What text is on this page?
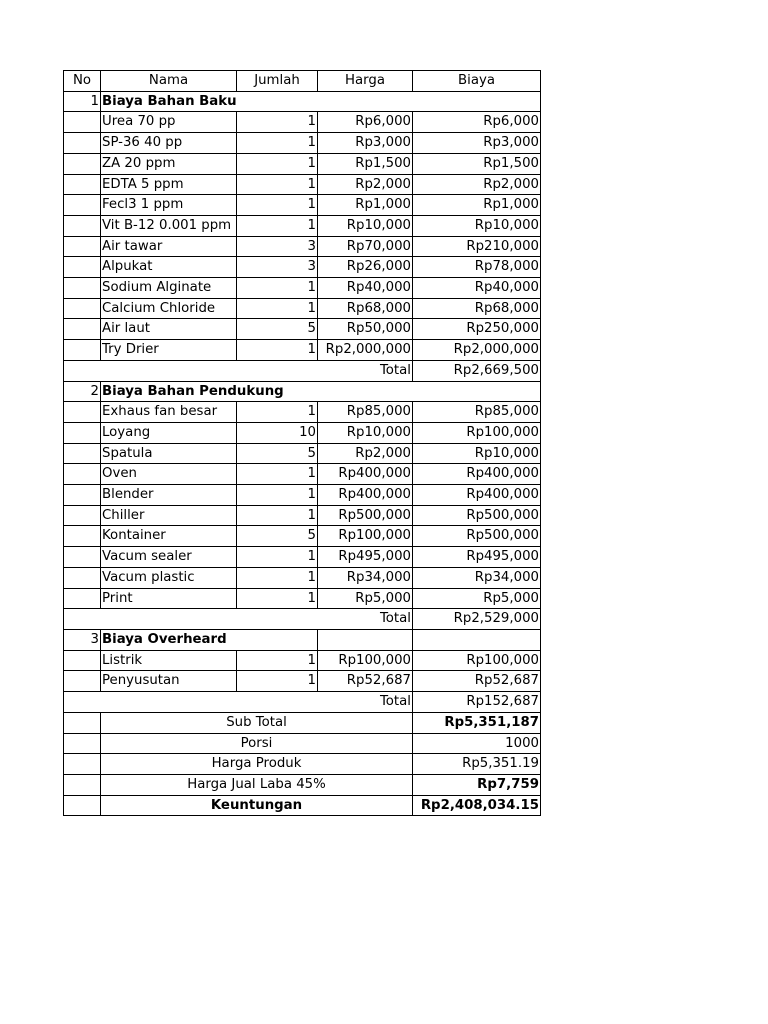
No	Nama	Jumlah	Harga	Biaya
1	Biaya Bahan Baku			
	Urea 70 pp	1	Rp6,000	Rp6,000
	SP-36 40 pp	1	Rp3,000	Rp3,000
	ZA 20 ppm	1	Rp1,500	Rp1,500
	EDTA 5 ppm	1	Rp2,000	Rp2,000
	Fecl3 1 ppm	1	Rp1,000	Rp1,000
	Vit B-12 0.001 ppm	1	Rp10,000	Rp10,000
	Air tawar	3	Rp70,000	Rp210,000
	Alpukat	3	Rp26,000	Rp78,000
	Sodium Alginate	1	Rp40,000	Rp40,000
	Calcium Chloride	1	Rp68,000	Rp68,000
	Air laut	5	Rp50,000	Rp250,000
	Try Drier	1	Rp2,000,000	Rp2,000,000
Total				Rp2,669,500
2	Biaya Bahan Pendukung			
	Exhaus fan besar	1	Rp85,000	Rp85,000
	Loyang	10	Rp10,000	Rp100,000
	Spatula	5	Rp2,000	Rp10,000
	Oven	1	Rp400,000	Rp400,000
	Blender	1	Rp400,000	Rp400,000
	Chiller	1	Rp500,000	Rp500,000
	Kontainer	5	Rp100,000	Rp500,000
	Vacum sealer	1	Rp495,000	Rp495,000
	Vacum plastic	1	Rp34,000	Rp34,000
	Print	1	Rp5,000	Rp5,000
Total				Rp2,529,000
3	Biaya Overheard			
	Listrik	1	Rp100,000	Rp100,000
	Penyusutan	1	Rp52,687	Rp52,687
Total				Rp152,687
	Sub Total			Rp5,351,187
	Porsi			1000
	Harga Produk			Rp5,351.19
	Harga Jual Laba 45%			Rp7,759
	Keuntungan			Rp2,408,034.15
